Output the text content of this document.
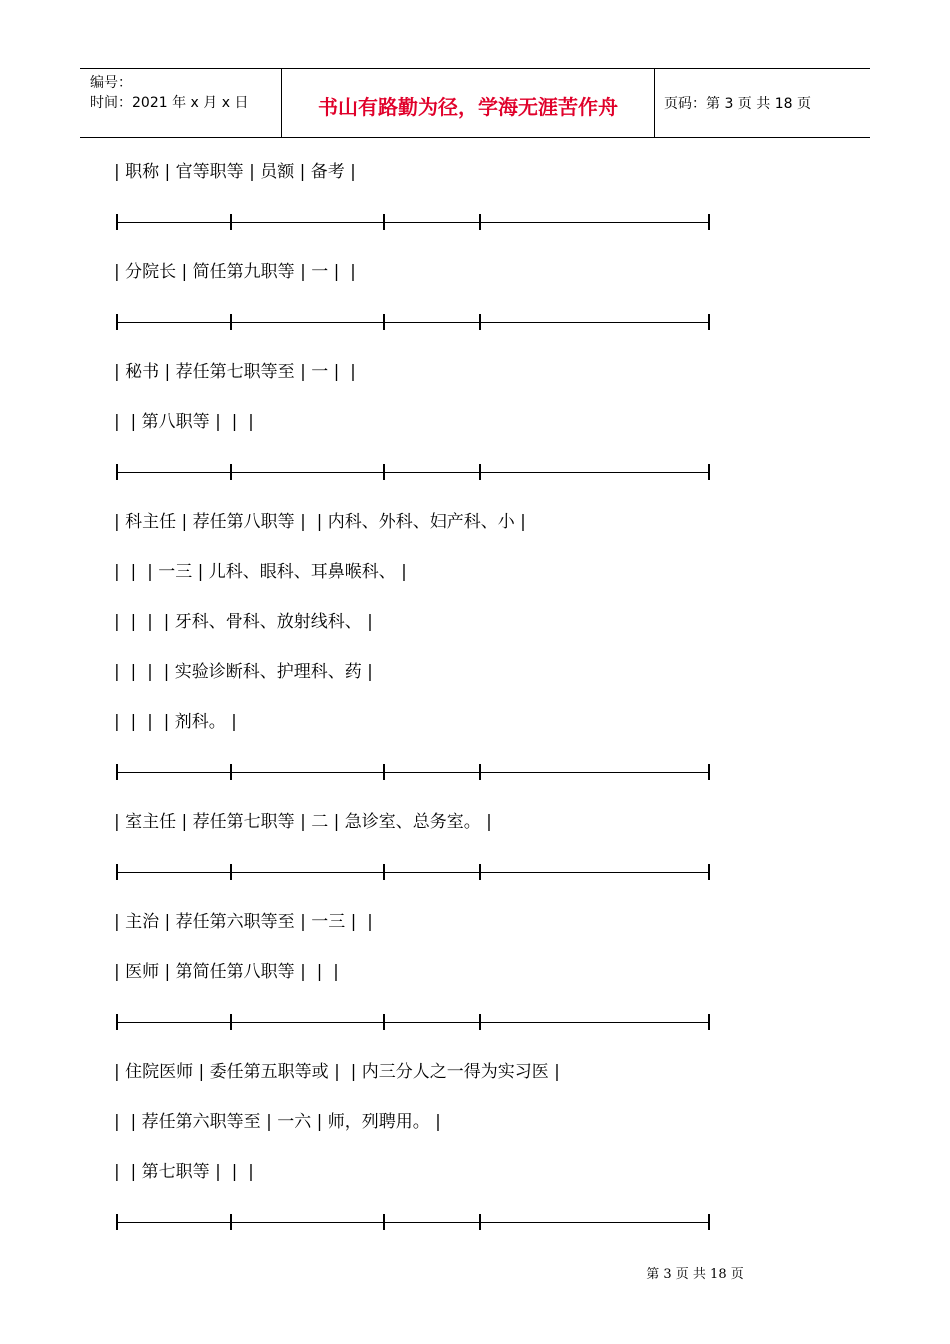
编号：
时间：2021 年 x 月 x 日	书山有路勤为径，学海无涯苦作舟	页码：第 3 页 共 18 页
| 职称 | 官等职等 | 员额 | 备考 |
| 分院长 | 简任第九职等 | 一 |  |
| 秘书 | 荐任第七职等至 | 一 |  |
|  | 第八职等 |  |  |
| 科主任 | 荐任第八职等 |  | 内科、外科、妇产科、小 |
|  |  | 一三 | 儿科、眼科、耳鼻喉科、 |
|  |  |  | 牙科、骨科、放射线科、 |
|  |  |  | 实验诊断科、护理科、药 |
|  |  |  | 剂科。 |
| 室主任 | 荐任第七职等 | 二 | 急诊室、总务室。 |
| 主治 | 荐任第六职等至 | 一三 |  |
| 医师 | 第简任第八职等 |  |  |
| 住院医师 | 委任第五职等或 |  | 内三分人之一得为实习医 |
|  | 荐任第六职等至 | 一六 | 师，列聘用。 |
|  | 第七职等 |  |  |
第 3 页 共 18 页
